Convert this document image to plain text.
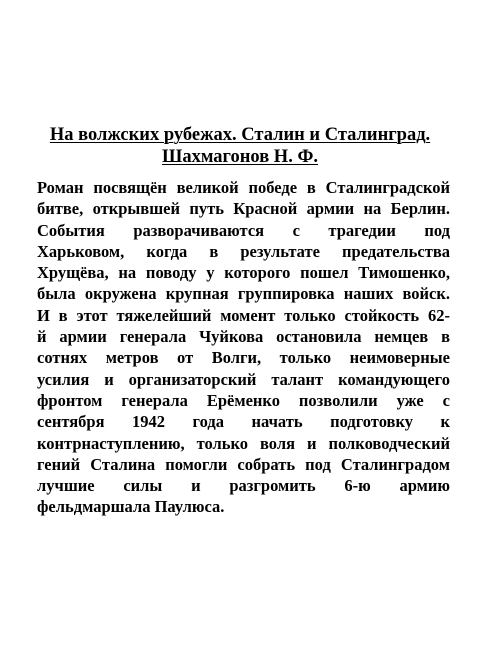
На волжских рубежах. Сталин и Сталинград.
Шахмагонов Н. Ф.
Роман посвящён великой победе в Сталинградской
битве, открывшей путь Красной армии на Берлин.
События разворачиваются с трагедии под
Харьковом, когда в результате предательства
Хрущёва, на поводу у которого пошел Тимошенко,
была окружена крупная группировка наших войск.
И в этот тяжелейший момент только стойкость 62-
й армии генерала Чуйкова остановила немцев в
сотнях метров от Волги, только неимоверные
усилия и организаторский талант командующего
фронтом генерала Ерёменко позволили уже с
сентября 1942 года начать подготовку к
контрнаступлению, только воля и полководческий
гений Сталина помогли собрать под Сталинградом
лучшие силы и разгромить 6-ю армию
фельдмаршала Паулюса.
